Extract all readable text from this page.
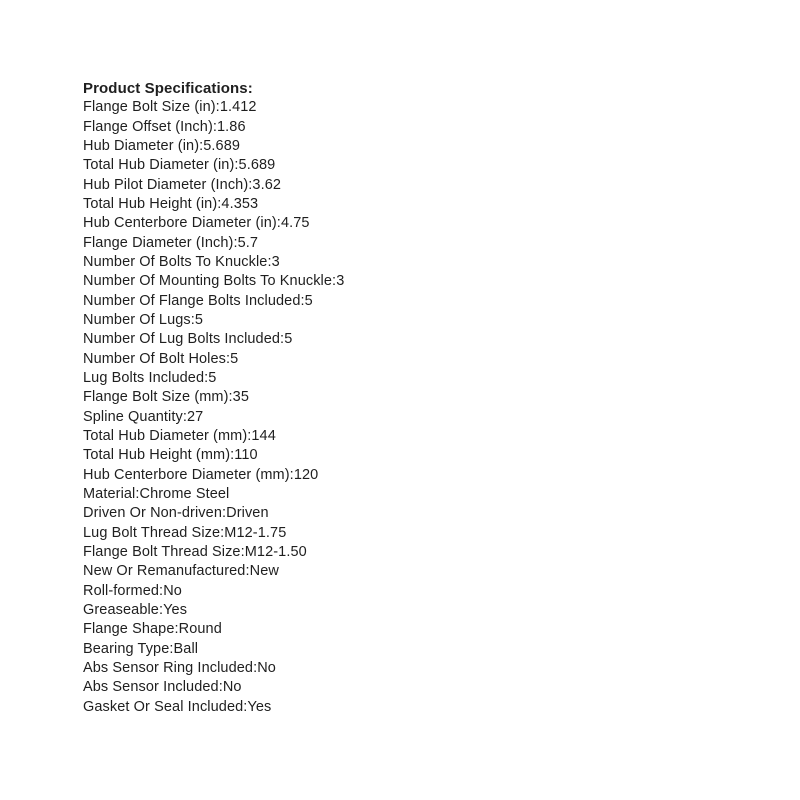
Product Specifications:
Flange Bolt Size (in) : 1.412
Flange Offset (Inch) : 1.86
Hub Diameter (in) : 5.689
Total Hub Diameter (in) : 5.689
Hub Pilot Diameter (Inch) : 3.62
Total Hub Height (in) : 4.353
Hub Centerbore Diameter (in) : 4.75
Flange Diameter (Inch) : 5.7
Number Of Bolts To Knuckle : 3
Number Of Mounting Bolts To Knuckle : 3
Number Of Flange Bolts Included : 5
Number Of Lugs : 5
Number Of Lug Bolts Included : 5
Number Of Bolt Holes : 5
Lug Bolts Included : 5
Flange Bolt Size (mm) : 35
Spline Quantity : 27
Total Hub Diameter (mm) : 144
Total Hub Height (mm) : 110
Hub Centerbore Diameter (mm) : 120
Material : Chrome Steel
Driven Or Non-driven : Driven
Lug Bolt Thread Size : M12-1.75
Flange Bolt Thread Size : M12-1.50
New Or Remanufactured : New
Roll-formed : No
Greaseable : Yes
Flange Shape : Round
Bearing Type : Ball
Abs Sensor Ring Included : No
Abs Sensor Included : No
Gasket Or Seal Included : Yes
